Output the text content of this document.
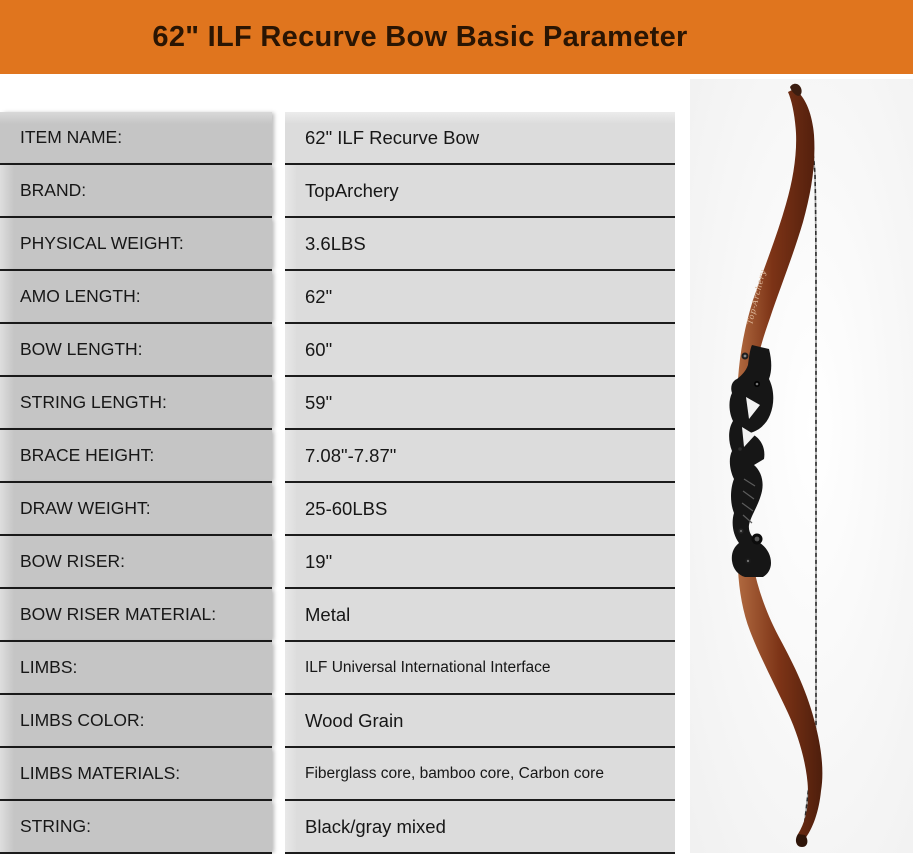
62" ILF Recurve Bow Basic Parameter
ITEM NAME:	62" ILF Recurve Bow
BRAND:	TopArchery
PHYSICAL WEIGHT:	3.6LBS
AMO LENGTH:	62"
BOW LENGTH:	60"
STRING LENGTH:	59"
BRACE HEIGHT:	7.08"-7.87"
DRAW WEIGHT:	25-60LBS
BOW RISER:	19"
BOW RISER MATERIAL:	Metal
LIMBS:	ILF Universal International Interface
LIMBS COLOR:	Wood Grain
LIMBS MATERIALS:	Fiberglass core, bamboo core, Carbon core
STRING:	Black/gray mixed
Top-Archery
